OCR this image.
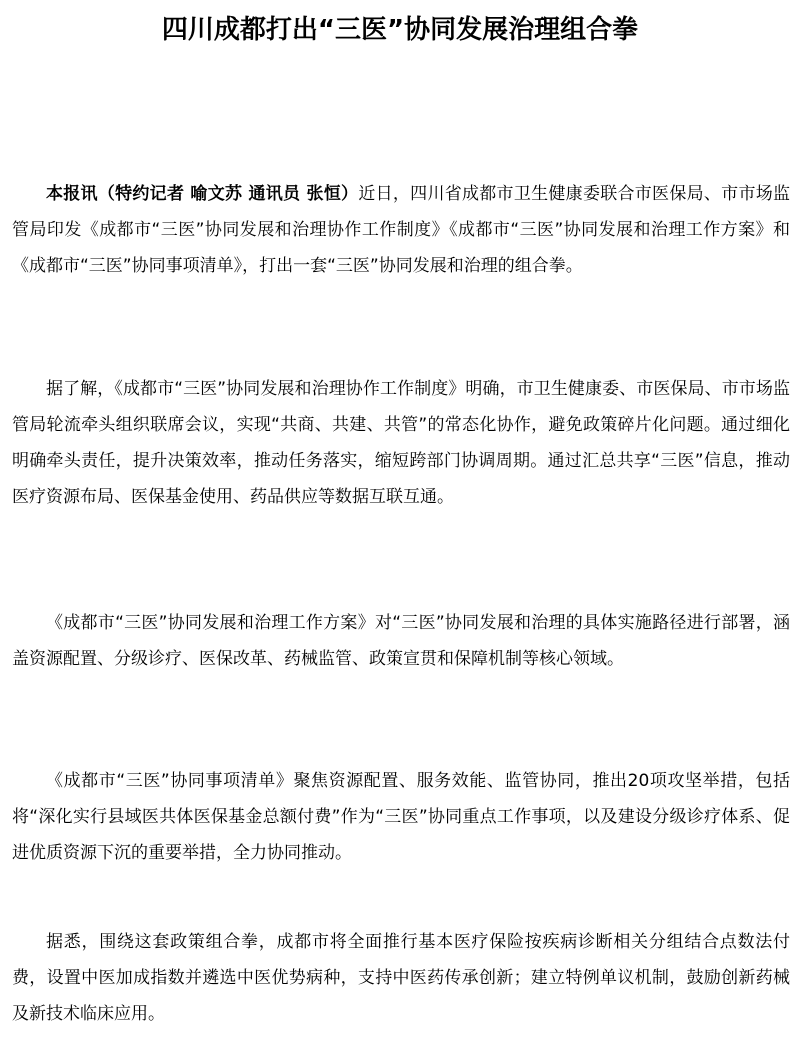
四川成都打出“三医”协同发展治理组合拳

本报讯（特约记者 喻文苏 通讯员 张恒）近日，四川省成都市卫生健康委联合市医保局、市市场监管局印发《成都市“三医”协同发展和治理协作工作制度》《成都市“三医”协同发展和治理工作方案》和《成都市“三医”协同事项清单》，打出一套“三医”协同发展和治理的组合拳。

据了解，《成都市“三医”协同发展和治理协作工作制度》明确，市卫生健康委、市医保局、市市场监管局轮流牵头组织联席会议，实现“共商、共建、共管”的常态化协作，避免政策碎片化问题。通过细化明确牵头责任，提升决策效率，推动任务落实，缩短跨部门协调周期。通过汇总共享“三医”信息，推动医疗资源布局、医保基金使用、药品供应等数据互联互通。

《成都市“三医”协同发展和治理工作方案》对“三医”协同发展和治理的具体实施路径进行部署，涵盖资源配置、分级诊疗、医保改革、药械监管、政策宣贯和保障机制等核心领域。

《成都市“三医”协同事项清单》聚焦资源配置、服务效能、监管协同，推出20项攻坚举措，包括将“深化实行县域医共体医保基金总额付费”作为“三医”协同重点工作事项，以及建设分级诊疗体系、促进优质资源下沉的重要举措，全力协同推动。

据悉，围绕这套政策组合拳，成都市将全面推行基本医疗保险按疾病诊断相关分组结合点数法付费，设置中医加成指数并遴选中医优势病种，支持中医药传承创新；建立特例单议机制，鼓励创新药械及新技术临床应用。
